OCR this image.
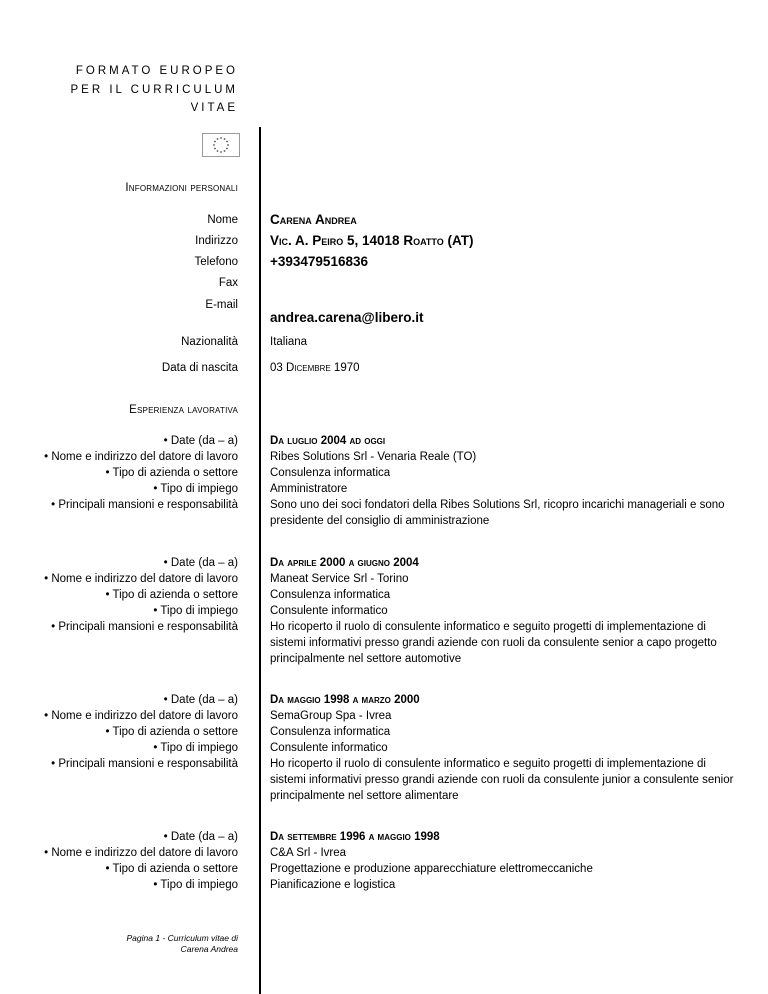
FORMATO EUROPEO
PER IL CURRICULUM
VITAE
Informazioni personali
Nome Carena Andrea
Indirizzo Vic. A. Peiro 5, 14018 Roatto (AT)
Telefono +393479516836
Fax
E-mail
andrea.carena@libero.it
Nazionalità	Italiana
Data di nascita	03 Dicembre 1970
Esperienza lavorativa
• Date (da – a)
• Nome e indirizzo del datore di lavoro
• Tipo di azienda o settore
• Tipo di impiego
• Principali mansioni e responsabilità
Da luglio 2004 ad oggi
Ribes Solutions Srl - Venaria Reale (TO)
Consulenza informatica
Amministratore
Sono uno dei soci fondatori della Ribes Solutions Srl, ricopro incarichi manageriali e sono presidente del consiglio di amministrazione
• Date (da – a)
• Nome e indirizzo del datore di lavoro
• Tipo di azienda o settore
• Tipo di impiego
• Principali mansioni e responsabilità
Da aprile 2000 a giugno 2004
Maneat Service Srl - Torino
Consulenza informatica
Consulente informatico
Ho ricoperto il ruolo di consulente informatico e seguito progetti di implementazione di sistemi informativi presso grandi aziende con ruoli da consulente senior a capo progetto principalmente nel settore automotive
• Date (da – a)
• Nome e indirizzo del datore di lavoro
• Tipo di azienda o settore
• Tipo di impiego
• Principali mansioni e responsabilità
Da maggio 1998 a marzo 2000
SemaGroup Spa - Ivrea
Consulenza informatica
Consulente informatico
Ho ricoperto il ruolo di consulente informatico e seguito progetti di implementazione di sistemi informativi presso grandi aziende con ruoli da consulente junior a consulente senior principalmente nel settore alimentare
• Date (da – a)
• Nome e indirizzo del datore di lavoro
• Tipo di azienda o settore
• Tipo di impiego
Da settembre 1996 a maggio 1998
C&A Srl - Ivrea
Progettazione e produzione apparecchiature elettromeccaniche
Pianificazione e logistica
Pagina 1 - Curriculum vitae di
Carena Andrea
